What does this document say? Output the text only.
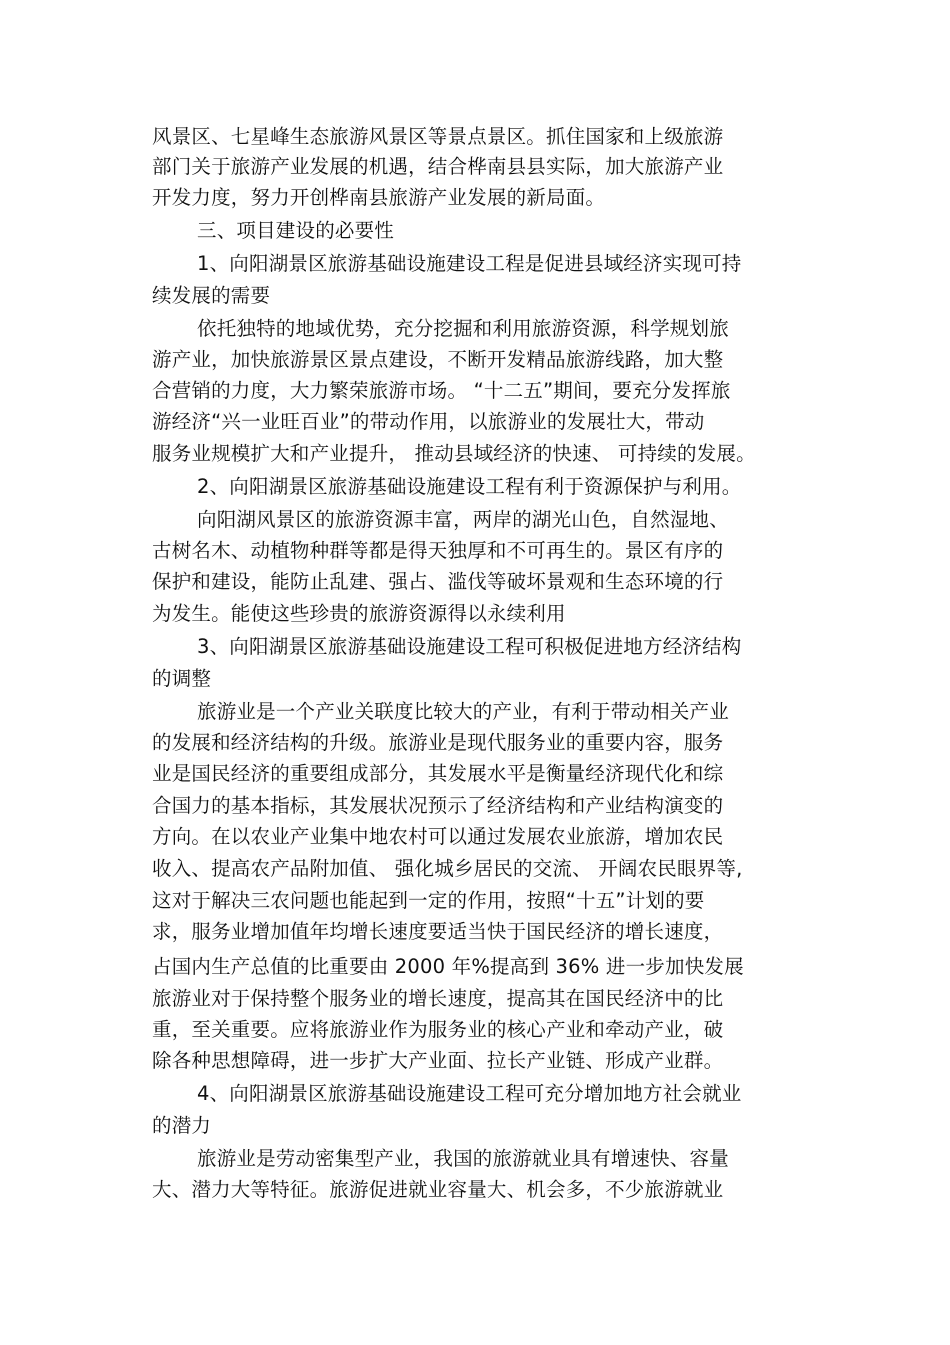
风景区、七星峰生态旅游风景区等景点景区。抓住国家和上级旅游
部门关于旅游产业发展的机遇，结合桦南县县实际，加大旅游产业
开发力度，努力开创桦南县旅游产业发展的新局面。
三、项目建设的必要性
1、向阳湖景区旅游基础设施建设工程是促进县域经济实现可持
续发展的需要
依托独特的地域优势，充分挖掘和利用旅游资源，科学规划旅
游产业，加快旅游景区景点建设，不断开发精品旅游线路，加大整
合营销的力度，大力繁荣旅游市场。 “十二五”期间，要充分发挥旅
游经济“兴一业旺百业”的带动作用，以旅游业的发展壮大，带动
服务业规模扩大和产业提升， 推动县域经济的快速、 可持续的发展。
2、向阳湖景区旅游基础设施建设工程有利于资源保护与利用。
向阳湖风景区的旅游资源丰富，两岸的湖光山色，自然湿地、
古树名木、动植物种群等都是得天独厚和不可再生的。景区有序的
保护和建设，能防止乱建、强占、滥伐等破坏景观和生态环境的行
为发生。能使这些珍贵的旅游资源得以永续利用
3、向阳湖景区旅游基础设施建设工程可积极促进地方经济结构
的调整
旅游业是一个产业关联度比较大的产业，有利于带动相关产业
的发展和经济结构的升级。旅游业是现代服务业的重要内容，服务
业是国民经济的重要组成部分，其发展水平是衡量经济现代化和综
合国力的基本指标，其发展状况预示了经济结构和产业结构演变的
方向。在以农业产业集中地农村可以通过发展农业旅游，增加农民
收入、提高农产品附加值、 强化城乡居民的交流、 开阔农民眼界等,
这对于解决三农问题也能起到一定的作用，按照“十五”计划的要
求，服务业增加值年均增长速度要适当快于国民经济的增长速度，
占国内生产总值的比重要由 2000 年%提高到 36% 进一步加快发展
旅游业对于保持整个服务业的增长速度，提高其在国民经济中的比
重，至关重要。应将旅游业作为服务业的核心产业和牵动产业，破
除各种思想障碍，进一步扩大产业面、拉长产业链、形成产业群。
4、向阳湖景区旅游基础设施建设工程可充分增加地方社会就业
的潜力
旅游业是劳动密集型产业，我国的旅游就业具有增速快、容量
大、潜力大等特征。旅游促进就业容量大、机会多，不少旅游就业
